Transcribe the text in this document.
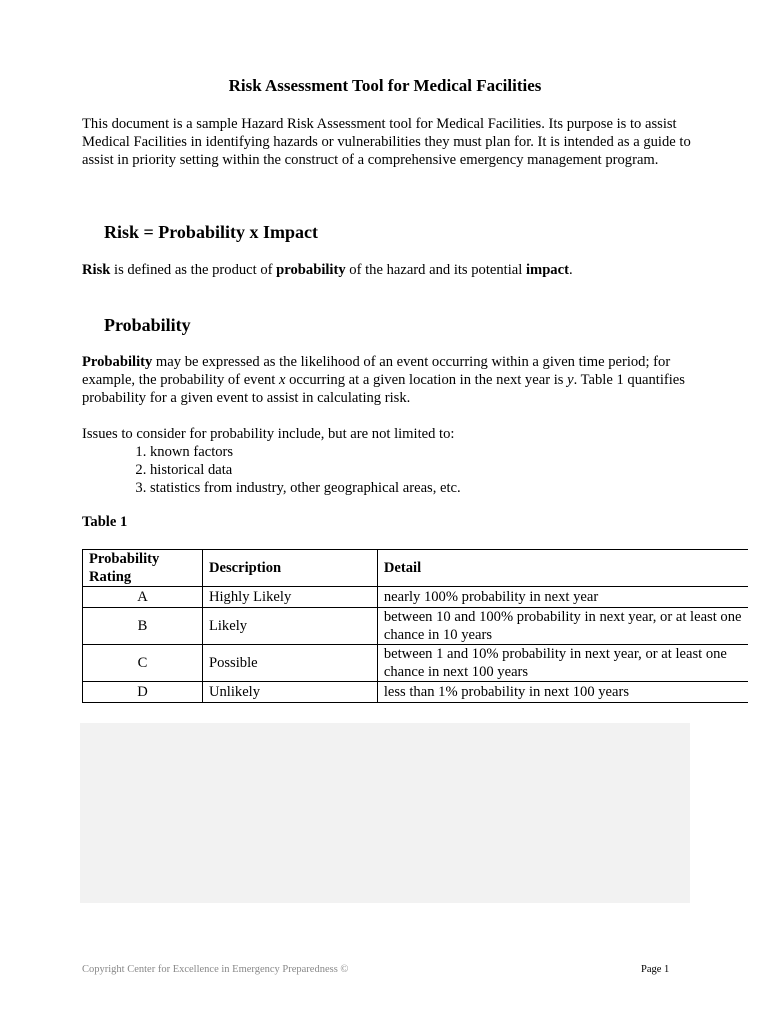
Risk Assessment Tool for Medical Facilities
This document is a sample Hazard Risk Assessment tool for Medical Facilities. Its purpose is to assist Medical Facilities in identifying hazards or vulnerabilities they must plan for. It is intended as a guide to assist in priority setting within the construct of a comprehensive emergency management program.
Risk = Probability x Impact
Risk is defined as the product of probability of the hazard and its potential impact.
Probability
Probability may be expressed as the likelihood of an event occurring within a given time period; for example, the probability of event x occurring at a given location in the next year is y. Table 1 quantifies probability for a given event to assist in calculating risk.
Issues to consider for probability include, but are not limited to:
1. known factors
2. historical data
3. statistics from industry, other geographical areas, etc.
Table 1
Probability Rating	Description	Detail
A	Highly Likely	nearly 100% probability in next year
B	Likely	between 10 and 100% probability in next year, or at least one chance in 10 years
C	Possible	between 1 and 10% probability in next year, or at least one chance in next 100 years
D	Unlikely	less than 1% probability in next 100 years
Copyright Center for Excellence in Emergency Preparedness ©	Page 1
